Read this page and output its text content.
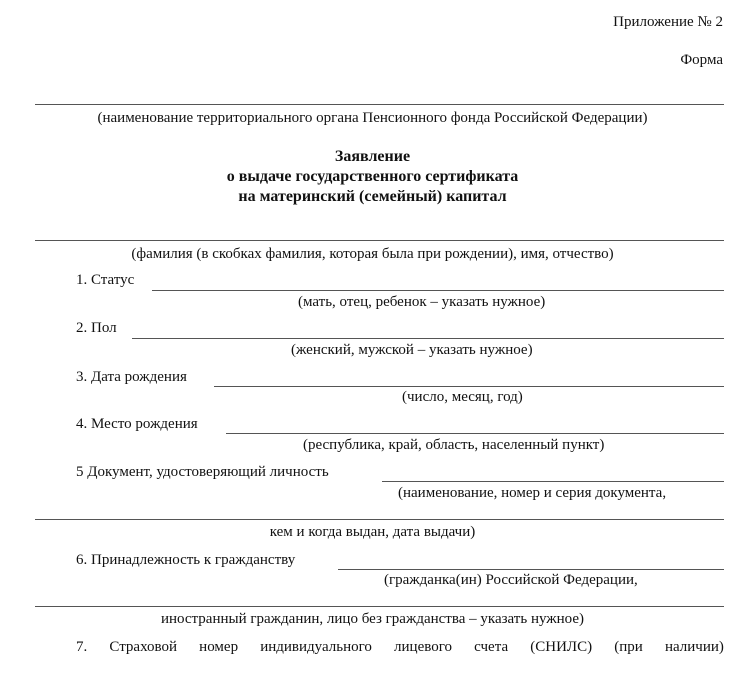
Приложение № 2
Форма
(наименование территориального органа Пенсионного фонда Российской Федерации)
Заявление
о выдаче государственного сертификата
на материнский (семейный) капитал
(фамилия (в скобках фамилия, которая была при рождении), имя, отчество)
1. Статус
(мать, отец, ребенок – указать нужное)
2. Пол
(женский, мужской – указать нужное)
3. Дата рождения
(число, месяц, год)
4. Место рождения
(республика, край, область, населенный пункт)
5 Документ, удостоверяющий личность
(наименование, номер и серия документа,
кем и когда выдан, дата выдачи)
6. Принадлежность к гражданству
(гражданка(ин) Российской Федерации,
иностранный гражданин, лицо без гражданства – указать нужное)
7. Страховой номер индивидуального лицевого счета (СНИЛС) (при наличии)
